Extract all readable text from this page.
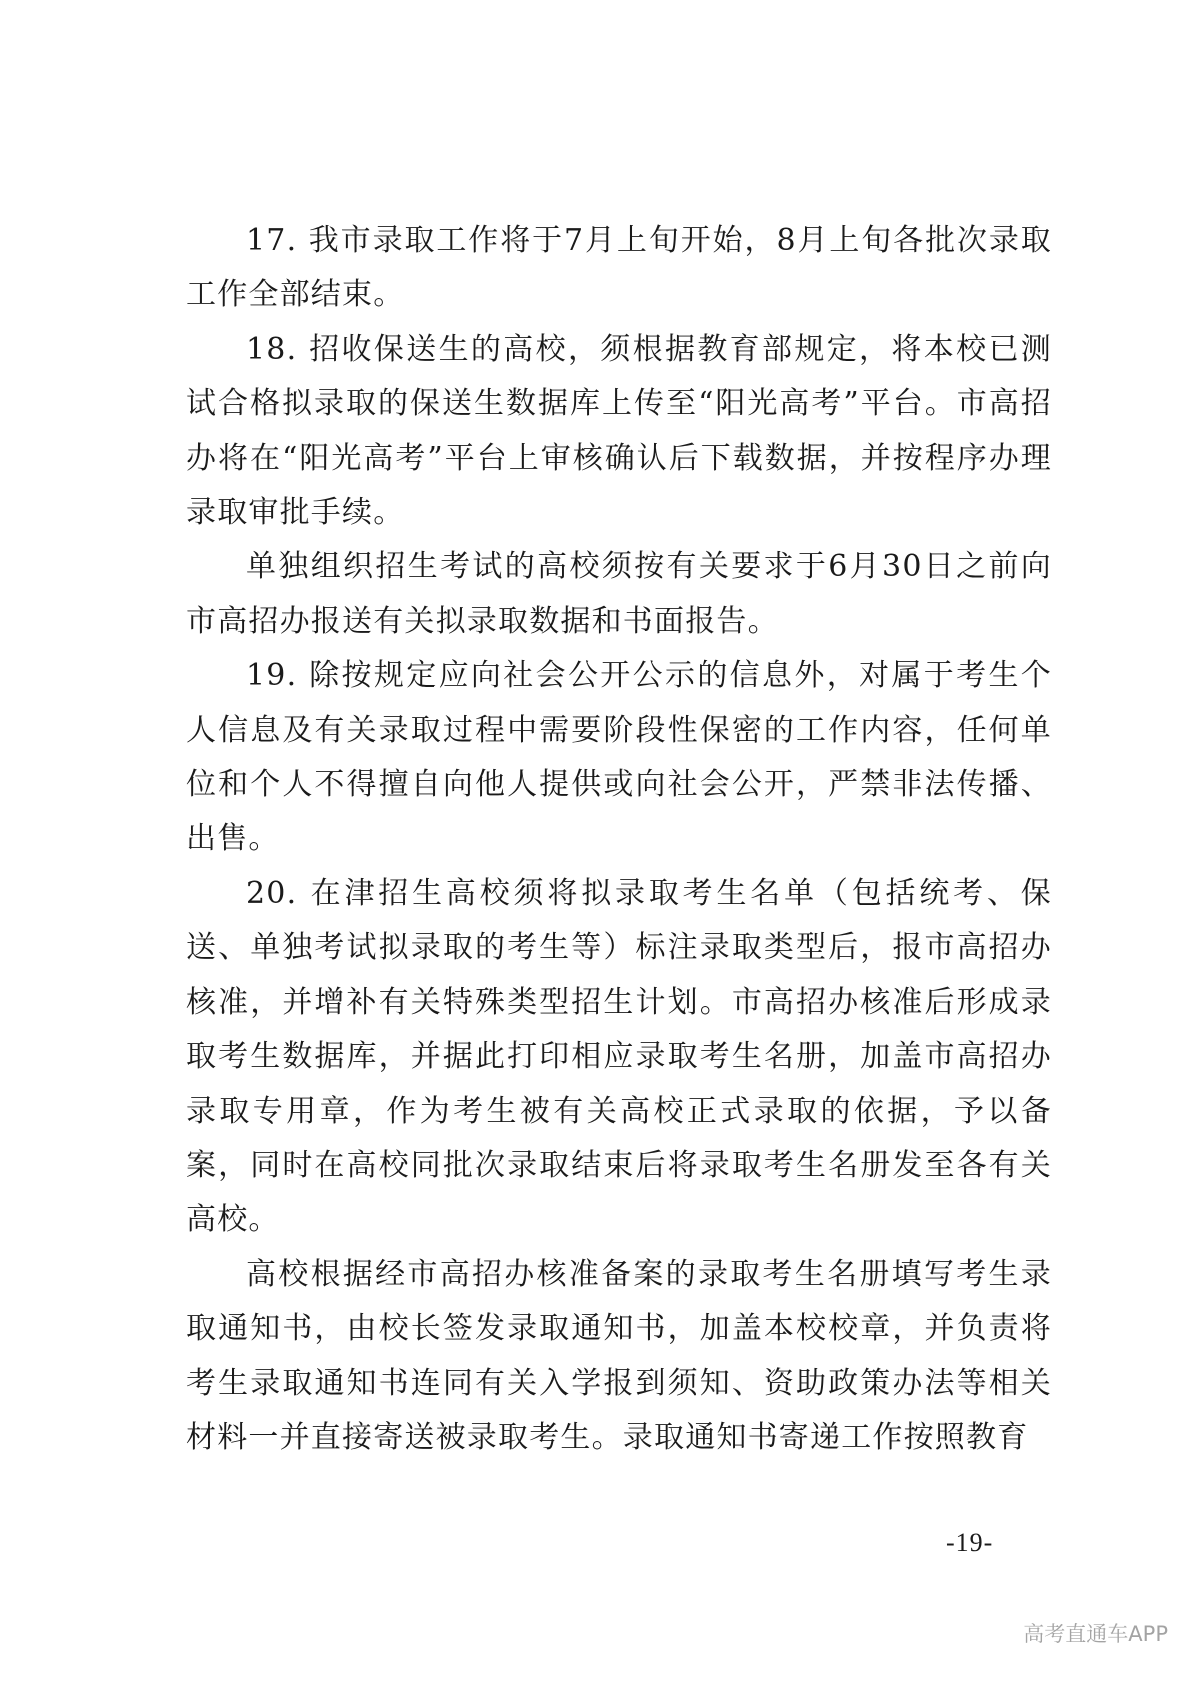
17. 我市录取工作将于7月上旬开始，8月上旬各批次录取工作全部结束。

18. 招收保送生的高校，须根据教育部规定，将本校已测试合格拟录取的保送生数据库上传至“阳光高考”平台。市高招办将在“阳光高考”平台上审核确认后下载数据，并按程序办理录取审批手续。

单独组织招生考试的高校须按有关要求于6月30日之前向市高招办报送有关拟录取数据和书面报告。

19. 除按规定应向社会公开公示的信息外，对属于考生个人信息及有关录取过程中需要阶段性保密的工作内容，任何单位和个人不得擅自向他人提供或向社会公开，严禁非法传播、出售。

20. 在津招生高校须将拟录取考生名单（包括统考、保送、单独考试拟录取的考生等）标注录取类型后，报市高招办核准，并增补有关特殊类型招生计划。市高招办核准后形成录取考生数据库，并据此打印相应录取考生名册，加盖市高招办录取专用章，作为考生被有关高校正式录取的依据，予以备案，同时在高校同批次录取结束后将录取考生名册发至各有关高校。

高校根据经市高招办核准备案的录取考生名册填写考生录取通知书，由校长签发录取通知书，加盖本校校章，并负责将考生录取通知书连同有关入学报到须知、资助政策办法等相关材料一并直接寄送被录取考生。录取通知书寄递工作按照教育

-19-
高考直通车APP
